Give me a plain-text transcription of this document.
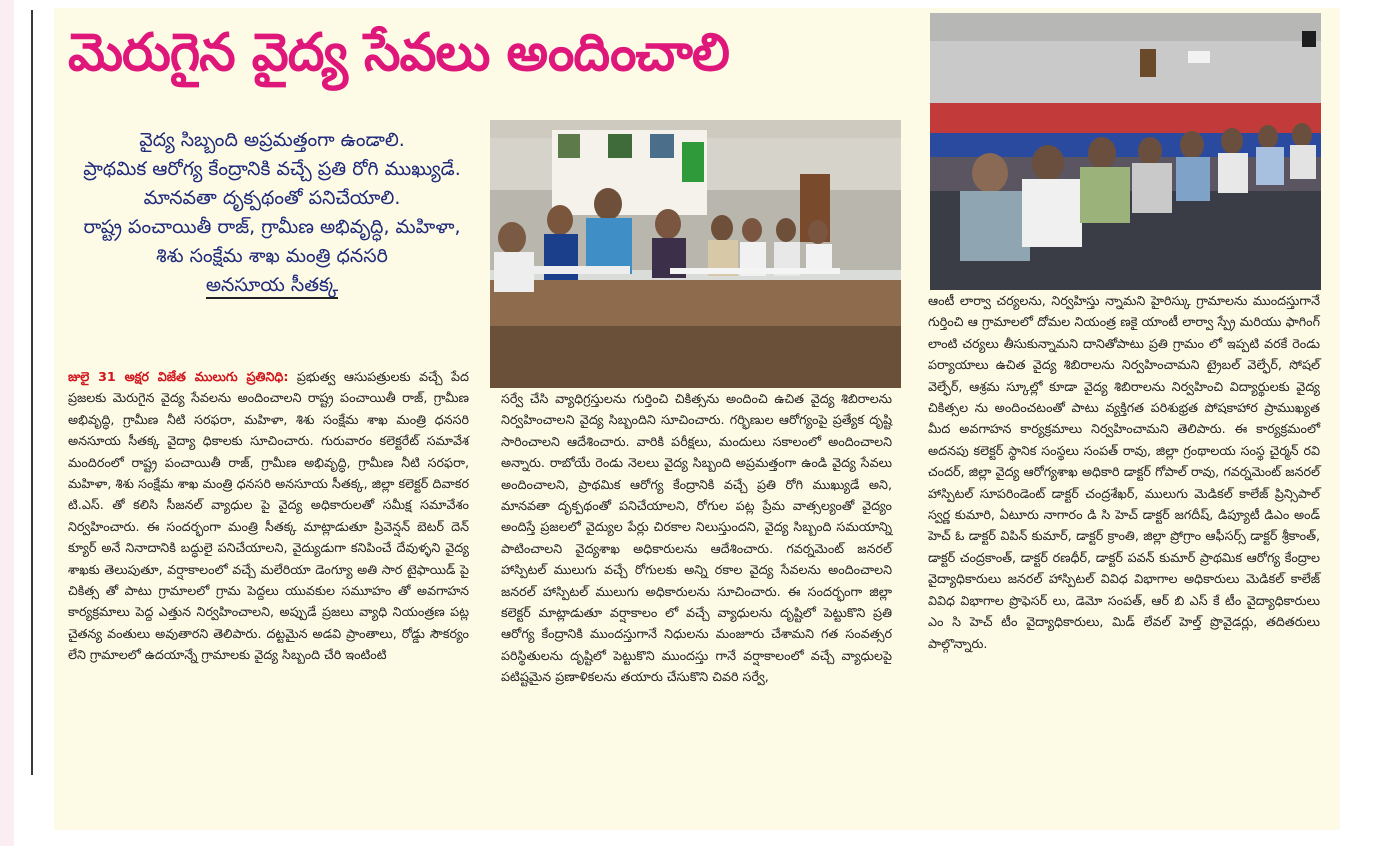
మెరుగైన వైద్య సేవలు అందించాలి
వైద్య సిబ్బంది అప్రమత్తంగా ఉండాలి.
ప్రాథమిక ఆరోగ్య కేంద్రానికి వచ్చే ప్రతి రోగి ముఖ్యుడే.
మానవతా దృక్పథంతో పనిచేయాలి.
రాష్ట్ర పంచాయితీ రాజ్, గ్రామీణ అభివృద్ధి, మహిళా, శిశు సంక్షేమ శాఖ మంత్రి ధనసరి
అనసూయ సీతక్క

జులై 31 అక్షర విజేత ములుగు ప్రతినిధి: ప్రభుత్వ ఆసుపత్రులకు వచ్చే పేద ప్రజలకు మెరుగైన వైద్య సేవలను అందించాలని రాష్ట్ర పంచాయితీ రాజ్, గ్రామీణ అభివృద్ధి, గ్రామీణ నీటి సరఫరా, మహిళా, శిశు సంక్షేమ శాఖ మంత్రి ధనసరి అనసూయ సీతక్క వైద్యా ధికాలకు సూచించారు. గురువారం కలెక్టరేట్ సమావేశ మందిరంలో రాష్ట్ర పంచాయితీ రాజ్, గ్రామీణ అభివృద్ధి, గ్రామీణ నీటి సరఫరా, మహిళా, శిశు సంక్షేమ శాఖ మంత్రి ధనసరి అనసూయ సీతక్క, జిల్లా కలెక్టర్ దివాకర టి.ఎస్. తో కలిసి సీజనల్ వ్యాధుల పై వైద్య అధికారులతో సమీక్ష సమావేశం నిర్వహించారు. ఈ సందర్భంగా మంత్రి సీతక్క మాట్లాడుతూ ప్రివెన్షన్ బెటర్ దెన్ క్యూర్ అనే నినాదానికి బద్ధులై పనిచేయాలని, వైద్యుడుగా కనిపించే దేవుళ్ళని వైద్య శాఖకు తెలుపుతూ, వర్షాకాలంలో వచ్చే మలేరియా డెంగ్యూ అతి సార టైఫాయిడ్ పై చికిత్స తో పాటు గ్రామాలలో గ్రామ పెద్దలు యువకుల సమూహం తో అవగాహన కార్యక్రమాలు పెద్ద ఎత్తున నిర్వహించాలని, అప్పుడే ప్రజలు వ్యాధి నియంత్రణ పట్ల చైతన్య వంతులు అవుతారని తెలిపారు. దట్టమైన అడవి ప్రాంతాలు, రోడ్డు సౌకర్యం లేని గ్రామాలలో ఉదయాన్నే గ్రామాలకు వైద్య సిబ్బంది చేరి ఇంటింటి

సర్వే చేసి వ్యాధిగ్రస్తులను గుర్తించి చికిత్సను అందించి ఉచిత వైద్య శిబిరాలను నిర్వహించాలని వైద్య సిబ్బందిని సూచించారు. గర్భిణుల ఆరోగ్యంపై ప్రత్యేక దృష్టి సారించాలని ఆదేశించారు. వారికి పరీక్షలు, మందులు సకాలంలో అందించాలని అన్నారు. రాబోయే రెండు నెలలు వైద్య సిబ్బంది అప్రమత్తంగా ఉండి వైద్య సేవలు అందించాలని, ప్రాథమిక ఆరోగ్య కేంద్రానికి వచ్చే ప్రతి రోగి ముఖ్యుడే అని, మానవతా దృక్పథంతో పనిచేయాలని, రోగుల పట్ల ప్రేమ వాత్సల్యంతో వైద్యం అందిస్తే ప్రజలలో వైద్యుల పేర్లు చిరకాల నిలుస్తుందని, వైద్య సిబ్బంది సమయాన్ని పాటించాలని వైద్యశాఖ అధికారులను ఆదేశించారు. గవర్నమెంట్ జనరల్ హాస్పిటల్ ములుగు వచ్చే రోగులకు అన్ని రకాల వైద్య సేవలను అందించాలని జనరల్ హాస్పిటల్ ములుగు అధికారులను సూచించారు. ఈ సందర్భంగా జిల్లా కలెక్టర్ మాట్లాడుతూ వర్షాకాలం లో వచ్చే వ్యాధులను దృష్టిలో పెట్టుకొని ప్రతి ఆరోగ్య కేంద్రానికి ముందస్తుగానే నిధులను మంజూరు చేశామని గత సంవత్సర పరిస్థితులను దృష్టిలో పెట్టుకొని ముందస్తు గానే వర్షాకాలంలో వచ్చే వ్యాధులపై పటిష్టమైన ప్రణాళికలను తయారు చేసుకొని చివరి సర్వే,

ఆంటీ లార్వా చర్యలను, నిర్వహిస్తు న్నామని హైరిస్కు గ్రామాలను ముందస్తుగానే గుర్తించి ఆ గ్రామాలలో దోమల నియంత్ర ణకై యాంటీ లార్వా స్ప్రే మరియు ఫాగింగ్ లాంటి చర్యలు తీసుకున్నామని దానితోపాటు ప్రతి గ్రామం లో ఇప్పటి వరకే రెండు పర్యాయాలు ఉచిత వైద్య శిబిరాలను నిర్వహించామని ట్రైబల్ వెల్ఫేర్, సోషల్ వెల్ఫేర్, ఆశ్రమ స్కూల్లో కూడా వైద్య శిబిరాలను నిర్వహించి విద్యార్థులకు వైద్య చికిత్సల ను అందించటంతో పాటు వ్యక్తిగత పరిశుభ్రత పోషకాహార ప్రాముఖ్యత మీద అవగాహన కార్యక్రమాలు నిర్వహించామని తెలిపారు. ఈ కార్యక్రమంలో అదనపు కలెక్టర్ స్థానిక సంస్థలు సంపత్ రావు, జిల్లా గ్రంథాలయ సంస్థ చైర్మన్ రవి చందర్, జిల్లా వైద్య ఆరోగ్యశాఖ అధికారి డాక్టర్ గోపాల్ రావు, గవర్నమెంట్ జనరల్ హాస్పిటల్ సూపరిండెంట్ డాక్టర్ చంద్రశేఖర్, ములుగు మెడికల్ కాలేజ్ ప్రిన్సిపాల్ స్వర్ణ కుమారి, ఏటూరు నాగారం డి సి హెచ్ డాక్టర్ జగదీష్, డిప్యూటీ డిఎం అండ్ హెచ్ ఓ డాక్టర్ విపిన్ కుమార్, డాక్టర్ క్రాంతి, జిల్లా ప్రోగ్రాం ఆఫీసర్స్ డాక్టర్ శ్రీకాంత్, డాక్టర్ చంద్రకాంత్, డాక్టర్ రణధీర్, డాక్టర్ పవన్ కుమార్ ప్రాథమిక ఆరోగ్య కేంద్రాల వైద్యాధికారులు జనరల్ హాస్పిటల్ వివిధ విభాగాల అధికారులు మెడికల్ కాలేజ్ వివిధ విభాగాల ప్రొఫెసర్ లు, డెమో సంపత్, ఆర్ బి ఎస్ కే టీం వైద్యాధికారులు ఎం సి హెచ్ టీం వైద్యాధికారులు, మిడ్ లేవల్ హెల్త్ ప్రొవైడర్లు, తదితరులు పాల్గొన్నారు.
